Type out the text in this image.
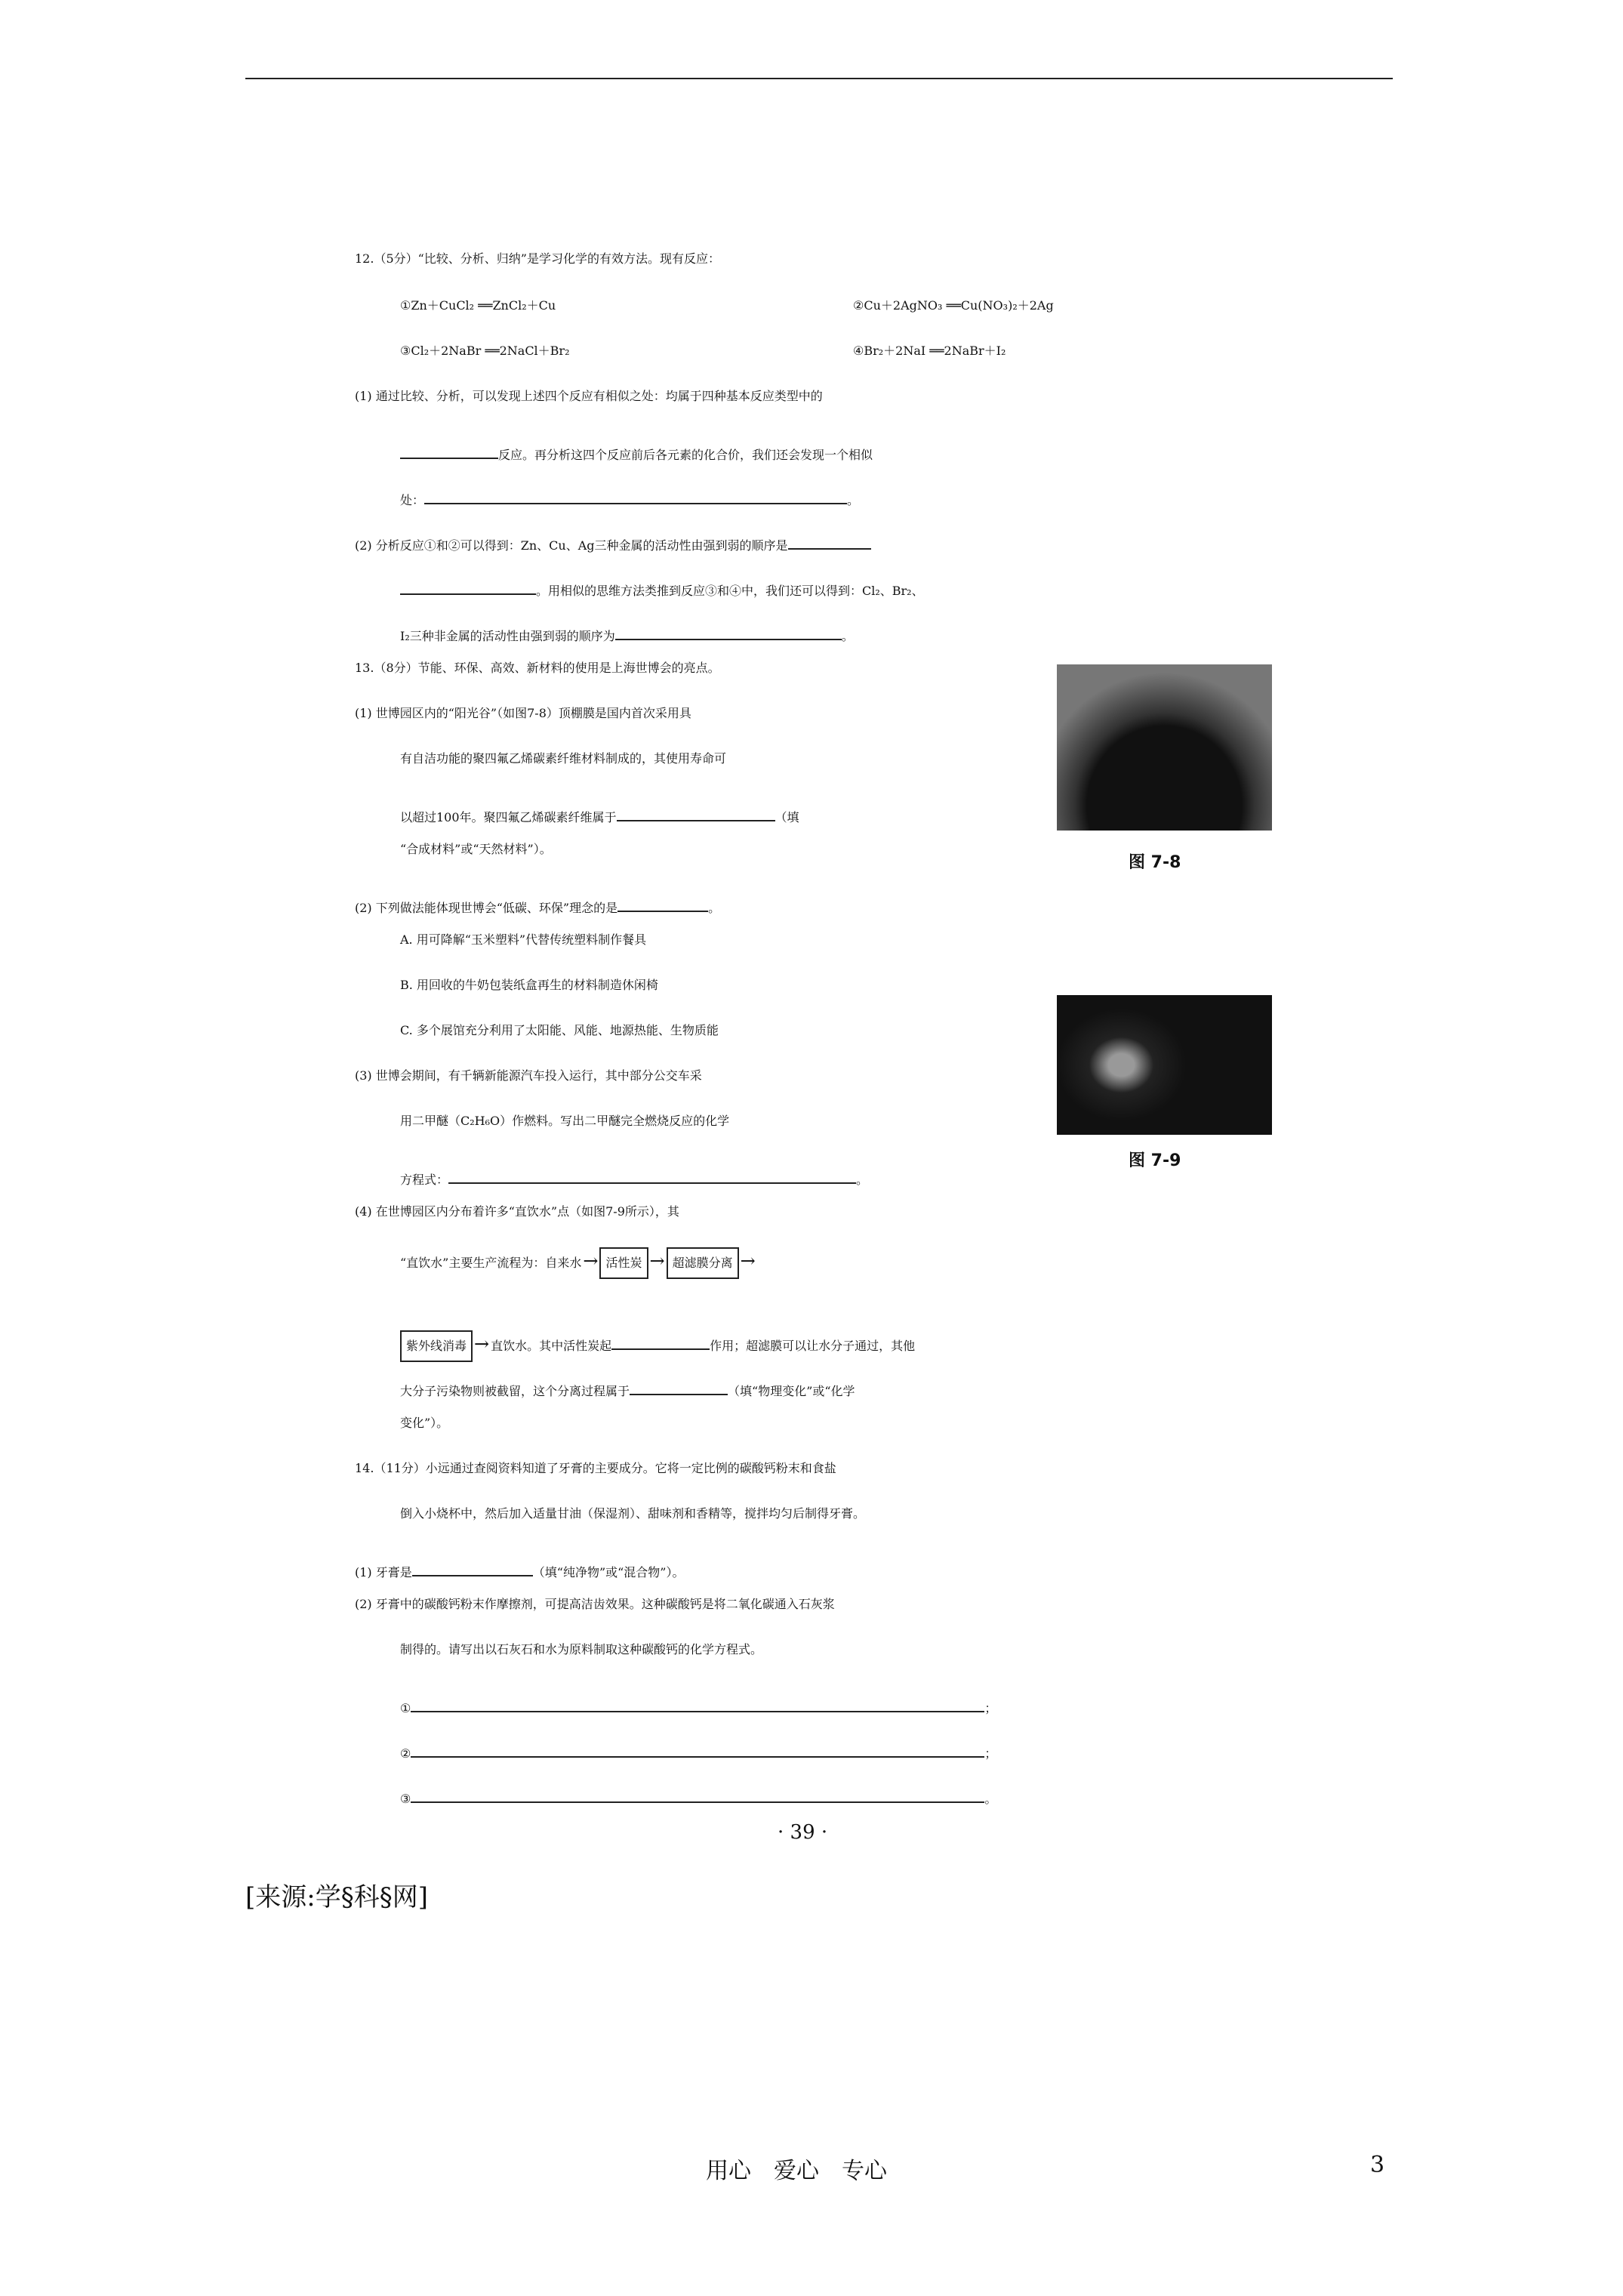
12.（5分）“比较、分析、归纳”是学习化学的有效方法。现有反应：
①Zn＋CuCl₂ ══ZnCl₂＋Cu	②Cu＋2AgNO₃ ══Cu(NO₃)₂＋2Ag
③Cl₂＋2NaBr ══2NaCl＋Br₂	④Br₂＋2NaI ══2NaBr＋I₂
(1) 通过比较、分析，可以发现上述四个反应有相似之处：均属于四种基本反应类型中的
反应。再分析这四个反应前后各元素的化合价，我们还会发现一个相似
处：	。
(2) 分析反应①和②可以得到：Zn、Cu、Ag三种金属的活动性由强到弱的顺序是
。用相似的思维方法类推到反应③和④中，我们还可以得到：Cl₂、Br₂、
I₂三种非金属的活动性由强到弱的顺序为	。
13.（8分）节能、环保、高效、新材料的使用是上海世博会的亮点。
(1) 世博园区内的“阳光谷”（如图7-8）顶棚膜是国内首次采用具
有自洁功能的聚四氟乙烯碳素纤维材料制成的，其使用寿命可
以超过100年。聚四氟乙烯碳素纤维属于	（填
“合成材料”或“天然材料”）。
图 7-8
(2) 下列做法能体现世博会“低碳、环保”理念的是	。
A. 用可降解“玉米塑料”代替传统塑料制作餐具
B. 用回收的牛奶包装纸盒再生的材料制造休闲椅
C. 多个展馆充分利用了太阳能、风能、地源热能、生物质能
(3) 世博会期间，有千辆新能源汽车投入运行，其中部分公交车采
用二甲醚（C₂H₆O）作燃料。写出二甲醚完全燃烧反应的化学
方程式：	。
图 7-9
(4) 在世博园区内分布着许多“直饮水”点（如图7-9所示），其
“直饮水”主要生产流程为：自来水→ 活性炭 → 超滤膜分离 →
紫外线消毒 → 直饮水。其中活性炭起	作用；超滤膜可以让水分子通过，其他
大分子污染物则被截留，这个分离过程属于	（填“物理变化”或“化学
变化”）。
14.（11分）小远通过查阅资料知道了牙膏的主要成分。它将一定比例的碳酸钙粉末和食盐
倒入小烧杯中，然后加入适量甘油（保湿剂）、甜味剂和香精等，搅拌均匀后制得牙膏。
(1) 牙膏是	（填“纯净物”或“混合物”）。
(2) 牙膏中的碳酸钙粉末作摩擦剂，可提高洁齿效果。这种碳酸钙是将二氧化碳通入石灰浆
制得的。请写出以石灰石和水为原料制取这种碳酸钙的化学方程式。
①	；
②	；
③	。
· 39 ·
[来源:学§科§网]
用心　爱心　专心	3
